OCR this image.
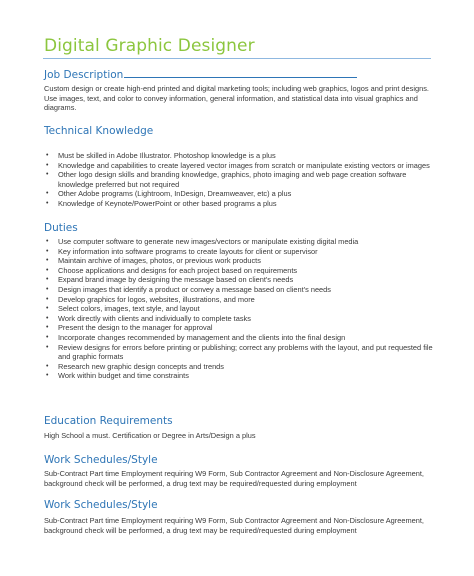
Digital Graphic Designer
Job Description
Custom design or create high-end printed and digital marketing tools; including web graphics, logos and print designs. Use images, text, and color to convey information, general information, and statistical data into visual graphics and diagrams.
Technical Knowledge
• Must be skilled in Adobe Illustrator. Photoshop knowledge is a plus
• Knowledge and capabilities to create layered vector images from scratch or manipulate existing vectors or images
• Other logo design skills and branding knowledge, graphics, photo imaging and web page creation software knowledge preferred but not required
• Other Adobe programs (Lightroom, InDesign, Dreamweaver, etc) a plus
• Knowledge of Keynote/PowerPoint or other based programs a plus
Duties
• Use computer software to generate new images/vectors or manipulate existing digital media
• Key information into software programs to create layouts for client or supervisor
• Maintain archive of images, photos, or previous work products
• Choose applications and designs for each project based on requirements
• Expand brand image by designing the message based on client's needs
• Design images that identify a product or convey a message based on client's needs
• Develop graphics for logos, websites, illustrations, and more
• Select colors, images, text style, and layout
• Work directly with clients and individually to complete tasks
• Present the design to the manager for approval
• Incorporate changes recommended by management and the clients into the final design
• Review designs for errors before printing or publishing; correct any problems with the layout, and put requested file and graphic formats
• Research new graphic design concepts and trends
• Work within budget and time constraints
Education Requirements
High School a must. Certification or Degree in Arts/Design a plus
Work Schedules/Style
Sub-Contract Part time Employment requiring W9 Form, Sub Contractor Agreement and Non-Disclosure Agreement, background check will be performed, a drug text may be required/requested during employment
Work Schedules/Style
Sub-Contract Part time Employment requiring W9 Form, Sub Contractor Agreement and Non-Disclosure Agreement, background check will be performed, a drug text may be required/requested during employment
